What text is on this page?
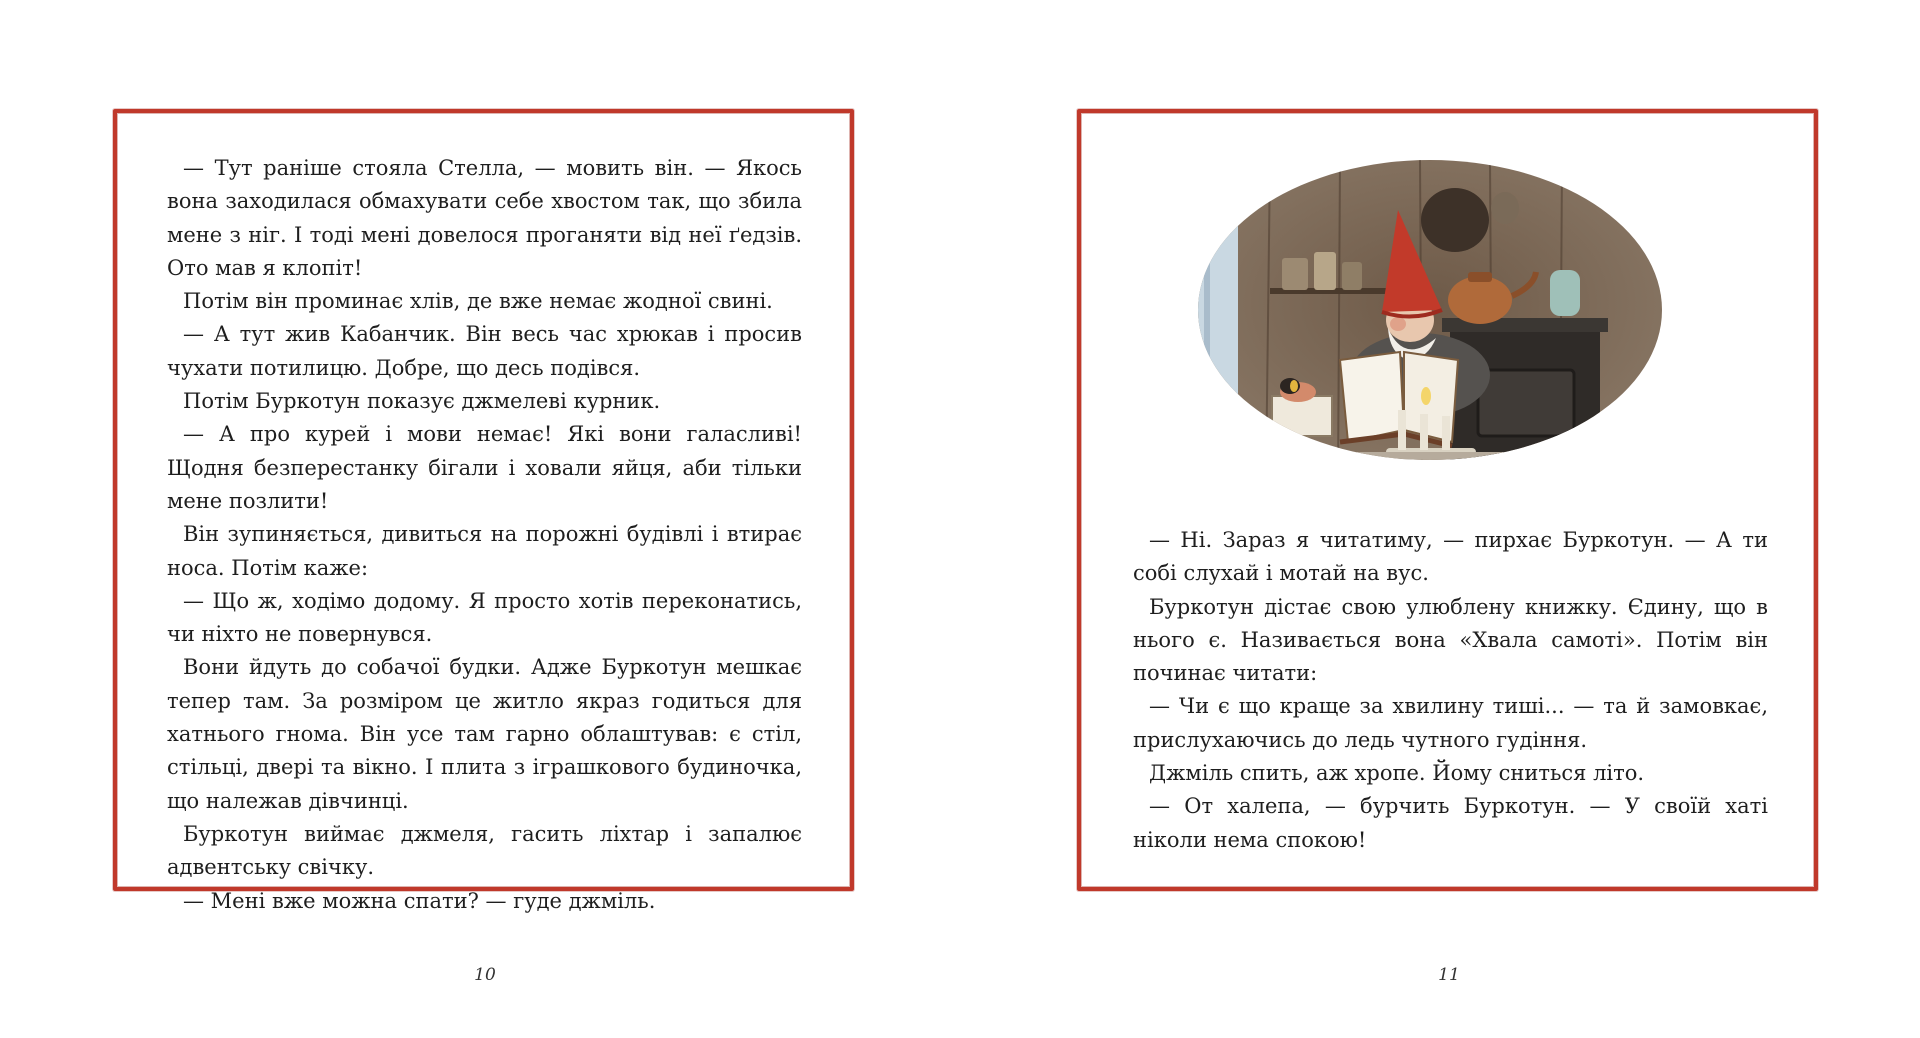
— Тут раніше стояла Стелла, — мовить він. — Якось вона заходилася обмахувати себе хвостом так, що збила мене з ніг. І тоді мені довелося проганяти від неї ґедзів. Ото мав я клопіт!

Потім він проминає хлів, де вже немає жодної свині.

— А тут жив Кабанчик. Він весь час хрюкав і просив чухати потилицю. Добре, що десь подівся.

Потім Буркотун показує джмелеві курник.

— А про курей і мови немає! Які вони галасливі! Щодня безперестанку бігали і ховали яйця, аби тільки мене позлити!

Він зупиняється, дивиться на порожні будівлі і втирає носа. Потім каже:

— Що ж, ходімо додому. Я просто хотів переконатись, чи ніхто не повернувся.

Вони йдуть до собачої будки. Адже Буркотун мешкає тепер там. За розміром це житло якраз годиться для хатнього гнома. Він усе там гарно облаштував: є стіл, стільці, двері та вікно. І плита з іграшкового будиночка, що належав дівчинці.

Буркотун виймає джмеля, гасить ліхтар і запалює адвентську свічку.

— Мені вже можна спати? — гуде джміль.

— Ні. Зараз я читатиму, — пирхає Буркотун. — А ти собі слухай і мотай на вус.

Буркотун дістає свою улюблену книжку. Єдину, що в нього є. Називається вона «Хвала самоті». Потім він починає читати:

— Чи є що краще за хвилину тиші... — та й замовкає, прислухаючись до ледь чутного гудіння.

Джміль спить, аж хропе. Йому сниться літо.

— От халепа, — бурчить Буркотун. — У своїй хаті ніколи нема спокою!

10	11
